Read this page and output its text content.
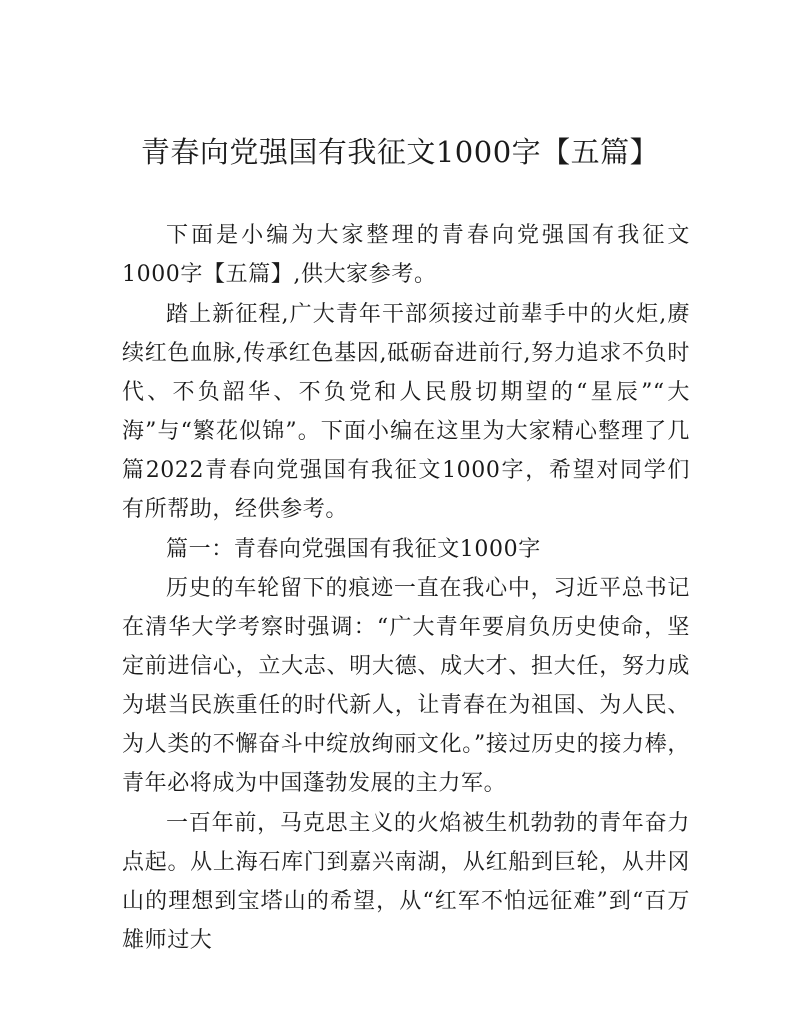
青春向党强国有我征文1000字【五篇】

下面是小编为大家整理的青春向党强国有我征文1000字【五篇】,供大家参考。

踏上新征程,广大青年干部须接过前辈手中的火炬,赓续红色血脉,传承红色基因,砥砺奋进前行,努力追求不负时代、不负韶华、不负党和人民殷切期望的“星辰”“大海”与“繁花似锦”。下面小编在这里为大家精心整理了几篇2022青春向党强国有我征文1000字，希望对同学们有所帮助，经供参考。

篇一：青春向党强国有我征文1000字

历史的车轮留下的痕迹一直在我心中，习近平总书记在清华大学考察时强调：“广大青年要肩负历史使命，坚定前进信心，立大志、明大德、成大才、担大任，努力成为堪当民族重任的时代新人，让青春在为祖国、为人民、为人类的不懈奋斗中绽放绚丽文化。”接过历史的接力棒，青年必将成为中国蓬勃发展的主力军。

一百年前，马克思主义的火焰被生机勃勃的青年奋力点起。从上海石库门到嘉兴南湖，从红船到巨轮，从井冈山的理想到宝塔山的希望，从“红军不怕远征难”到“百万雄师过大
